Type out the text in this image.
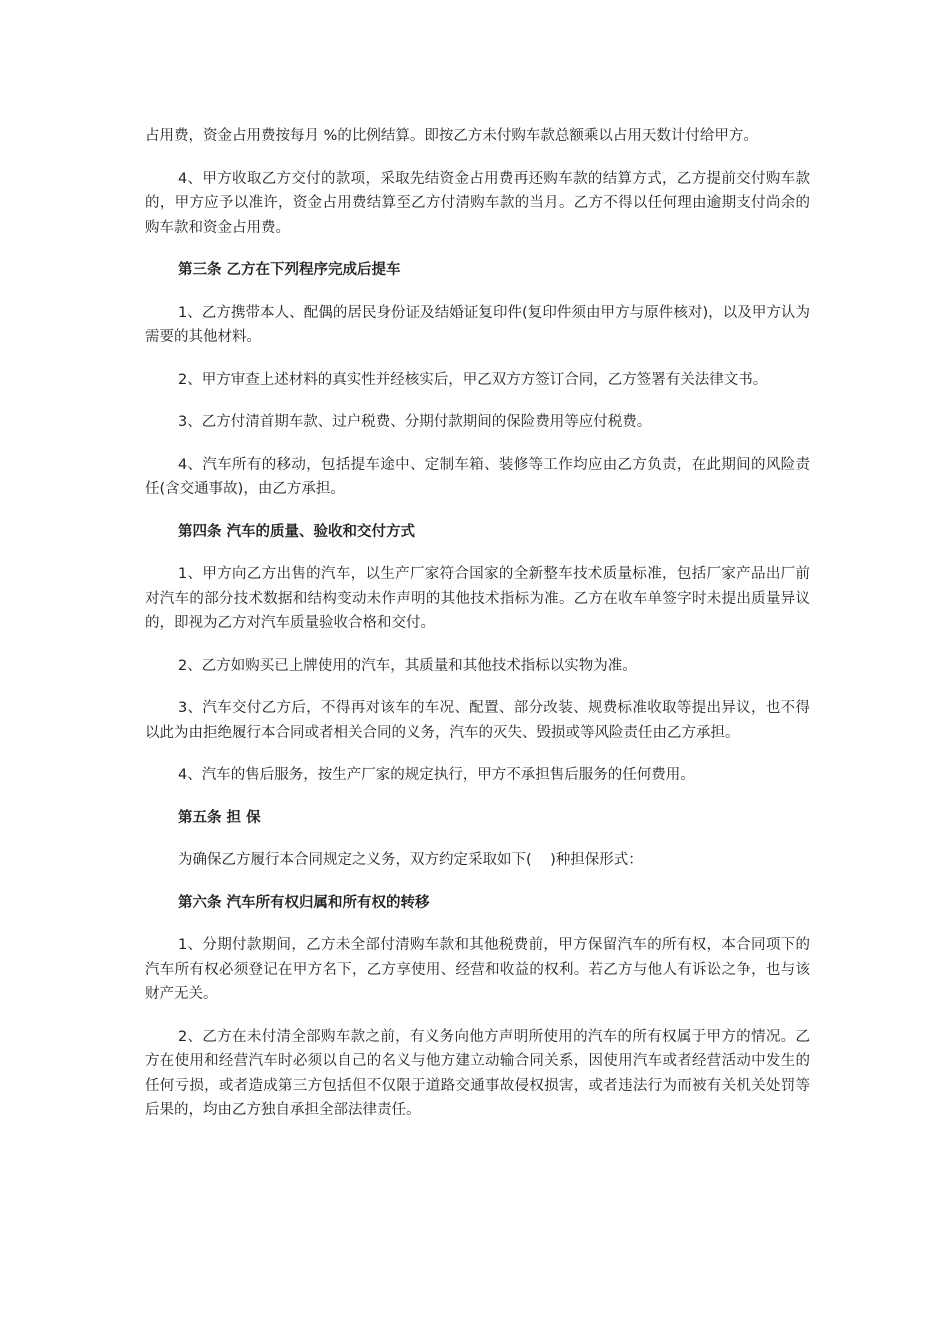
占用费，资金占用费按每月 %的比例结算。即按乙方未付购车款总额乘以占用天数计付给甲方。

4、甲方收取乙方交付的款项，采取先结资金占用费再还购车款的结算方式，乙方提前交付购车款的，甲方应予以准许，资金占用费结算至乙方付清购车款的当月。乙方不得以任何理由逾期支付尚余的购车款和资金占用费。

第三条 乙方在下列程序完成后提车

1、乙方携带本人、配偶的居民身份证及结婚证复印件(复印件须由甲方与原件核对)，以及甲方认为需要的其他材料。

2、甲方审查上述材料的真实性并经核实后，甲乙双方方签订合同，乙方签署有关法律文书。

3、乙方付清首期车款、过户税费、分期付款期间的保险费用等应付税费。

4、汽车所有的移动，包括提车途中、定制车箱、装修等工作均应由乙方负责，在此期间的风险责任(含交通事故)，由乙方承担。

第四条 汽车的质量、验收和交付方式

1、甲方向乙方出售的汽车，以生产厂家符合国家的全新整车技术质量标准，包括厂家产品出厂前对汽车的部分技术数据和结构变动未作声明的其他技术指标为准。乙方在收车单签字时未提出质量异议的，即视为乙方对汽车质量验收合格和交付。

2、乙方如购买已上牌使用的汽车，其质量和其他技术指标以实物为准。

3、汽车交付乙方后，不得再对该车的车况、配置、部分改装、规费标准收取等提出异议，也不得以此为由拒绝履行本合同或者相关合同的义务，汽车的灭失、毁损或等风险责任由乙方承担。

4、汽车的售后服务，按生产厂家的规定执行，甲方不承担售后服务的任何费用。

第五条 担 保

为确保乙方履行本合同规定之义务，双方约定采取如下(    )种担保形式：

第六条 汽车所有权归属和所有权的转移

1、分期付款期间，乙方未全部付清购车款和其他税费前，甲方保留汽车的所有权，本合同项下的汽车所有权必须登记在甲方名下，乙方享使用、经营和收益的权利。若乙方与他人有诉讼之争，也与该财产无关。

2、乙方在未付清全部购车款之前，有义务向他方声明所使用的汽车的所有权属于甲方的情况。乙方在使用和经营汽车时必须以自己的名义与他方建立动输合同关系，因使用汽车或者经营活动中发生的任何亏损，或者造成第三方包括但不仅限于道路交通事故侵权损害，或者违法行为而被有关机关处罚等后果的，均由乙方独自承担全部法律责任。
